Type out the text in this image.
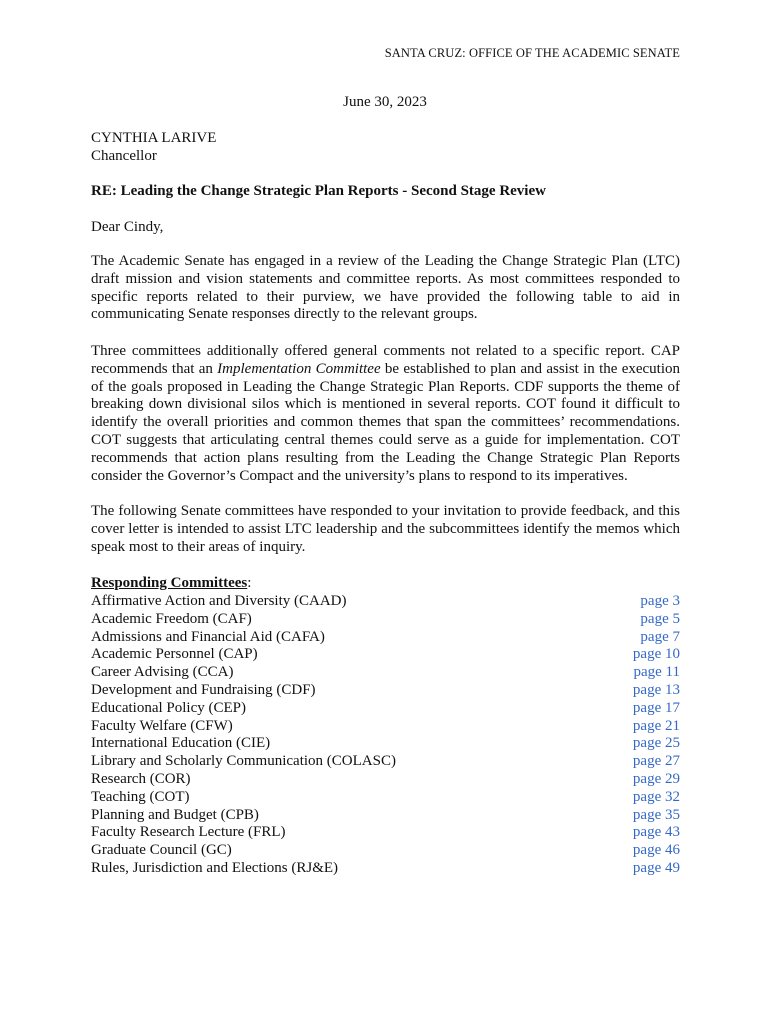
SANTA CRUZ: OFFICE OF THE ACADEMIC SENATE
June 30, 2023
CYNTHIA LARIVE
Chancellor
RE: Leading the Change Strategic Plan Reports - Second Stage Review
Dear Cindy,
The Academic Senate has engaged in a review of the Leading the Change Strategic Plan (LTC)
draft mission and vision statements and committee reports. As most committees responded to
specific reports related to their purview, we have provided the following table to aid in
communicating Senate responses directly to the relevant groups.
Three committees additionally offered general comments not related to a specific report. CAP
recommends that an Implementation Committee be established to plan and assist in the execution
of the goals proposed in Leading the Change Strategic Plan Reports. CDF supports the theme of
breaking down divisional silos which is mentioned in several reports. COT found it difficult to
identify the overall priorities and common themes that span the committees’ recommendations.
COT suggests that articulating central themes could serve as a guide for implementation. COT
recommends that action plans resulting from the Leading the Change Strategic Plan Reports
consider the Governor’s Compact and the university’s plans to respond to its imperatives.
The following Senate committees have responded to your invitation to provide feedback, and this
cover letter is intended to assist LTC leadership and the subcommittees identify the memos which
speak most to their areas of inquiry.
Responding Committees:
Affirmative Action and Diversity (CAAD)	page 3
Academic Freedom (CAF)	page 5
Admissions and Financial Aid (CAFA)	page 7
Academic Personnel (CAP)	page 10
Career Advising (CCA)	page 11
Development and Fundraising (CDF)	page 13
Educational Policy (CEP)	page 17
Faculty Welfare (CFW)	page 21
International Education (CIE)	page 25
Library and Scholarly Communication (COLASC)	page 27
Research (COR)	page 29
Teaching (COT)	page 32
Planning and Budget (CPB)	page 35
Faculty Research Lecture (FRL)	page 43
Graduate Council (GC)	page 46
Rules, Jurisdiction and Elections (RJ&E)	page 49
